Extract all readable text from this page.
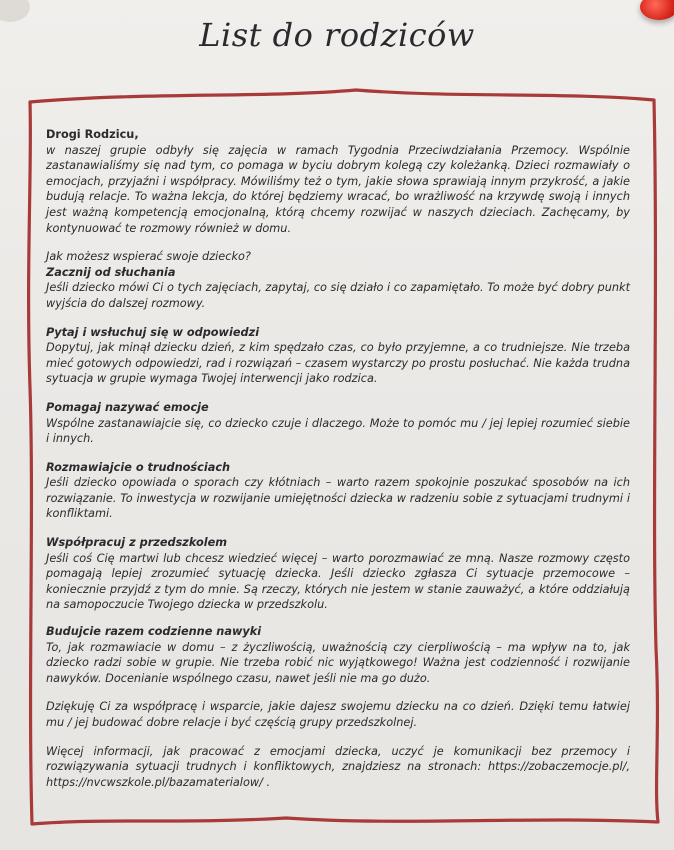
List do rodziców
Drogi Rodzicu,

w naszej grupie odbyły się zajęcia w ramach Tygodnia Przeciwdziałania Przemocy. Wspólnie zastanawialiśmy się nad tym, co pomaga w byciu dobrym kolegą czy koleżanką. Dzieci rozmawiały o emocjach, przyjaźni i współpracy. Mówiliśmy też o tym, jakie słowa sprawiają innym przykrość, a jakie budują relacje. To ważna lekcja, do której będziemy wracać, bo wrażliwość na krzywdę swoją i innych jest ważną kompetencją emocjonalną, którą chcemy rozwijać w naszych dzieciach. Zachęcamy, by kontynuować te rozmowy również w domu.

Jak możesz wspierać swoje dziecko?

Zacznij od słuchania

Jeśli dziecko mówi Ci o tych zajęciach, zapytaj, co się działo i co zapamiętało. To może być dobry punkt wyjścia do dalszej rozmowy.

Pytaj i wsłuchuj się w odpowiedzi

Dopytuj, jak minął dziecku dzień, z kim spędzało czas, co było przyjemne, a co trudniejsze. Nie trzeba mieć gotowych odpowiedzi, rad i rozwiązań – czasem wystarczy po prostu posłuchać. Nie każda trudna sytuacja w grupie wymaga Twojej interwencji jako rodzica.

Pomagaj nazywać emocje

Wspólne zastanawiajcie się, co dziecko czuje i dlaczego. Może to pomóc mu / jej lepiej rozumieć siebie i innych.

Rozmawiajcie o trudnościach

Jeśli dziecko opowiada o sporach czy kłótniach – warto razem spokojnie poszukać sposobów na ich rozwiązanie. To inwestycja w rozwijanie umiejętności dziecka w radzeniu sobie z sytuacjami trudnymi i konfliktami.

Współpracuj z przedszkolem

Jeśli coś Cię martwi lub chcesz wiedzieć więcej – warto porozmawiać ze mną. Nasze rozmowy często pomagają lepiej zrozumieć sytuację dziecka. Jeśli dziecko zgłasza Ci sytuacje przemocowe – koniecznie przyjdź z tym do mnie. Są rzeczy, których nie jestem w stanie zauważyć, a które oddziałują na samopoczucie Twojego dziecka w przedszkolu.

Budujcie razem codzienne nawyki

To, jak rozmawiacie w domu – z życzliwością, uważnością czy cierpliwością – ma wpływ na to, jak dziecko radzi sobie w grupie. Nie trzeba robić nic wyjątkowego! Ważna jest codzienność i rozwijanie nawyków. Docenianie wspólnego czasu, nawet jeśli nie ma go dużo.

Dziękuję Ci za współpracę i wsparcie, jakie dajesz swojemu dziecku na co dzień. Dzięki temu łatwiej mu / jej budować dobre relacje i być częścią grupy przedszkolnej.

Więcej informacji, jak pracować z emocjami dziecka, uczyć je komunikacji bez przemocy i rozwiązywania sytuacji trudnych i konfliktowych, znajdziesz na stronach: https://zobaczemocje.pl/, https://nvcwszkole.pl/bazamaterialow/ .
